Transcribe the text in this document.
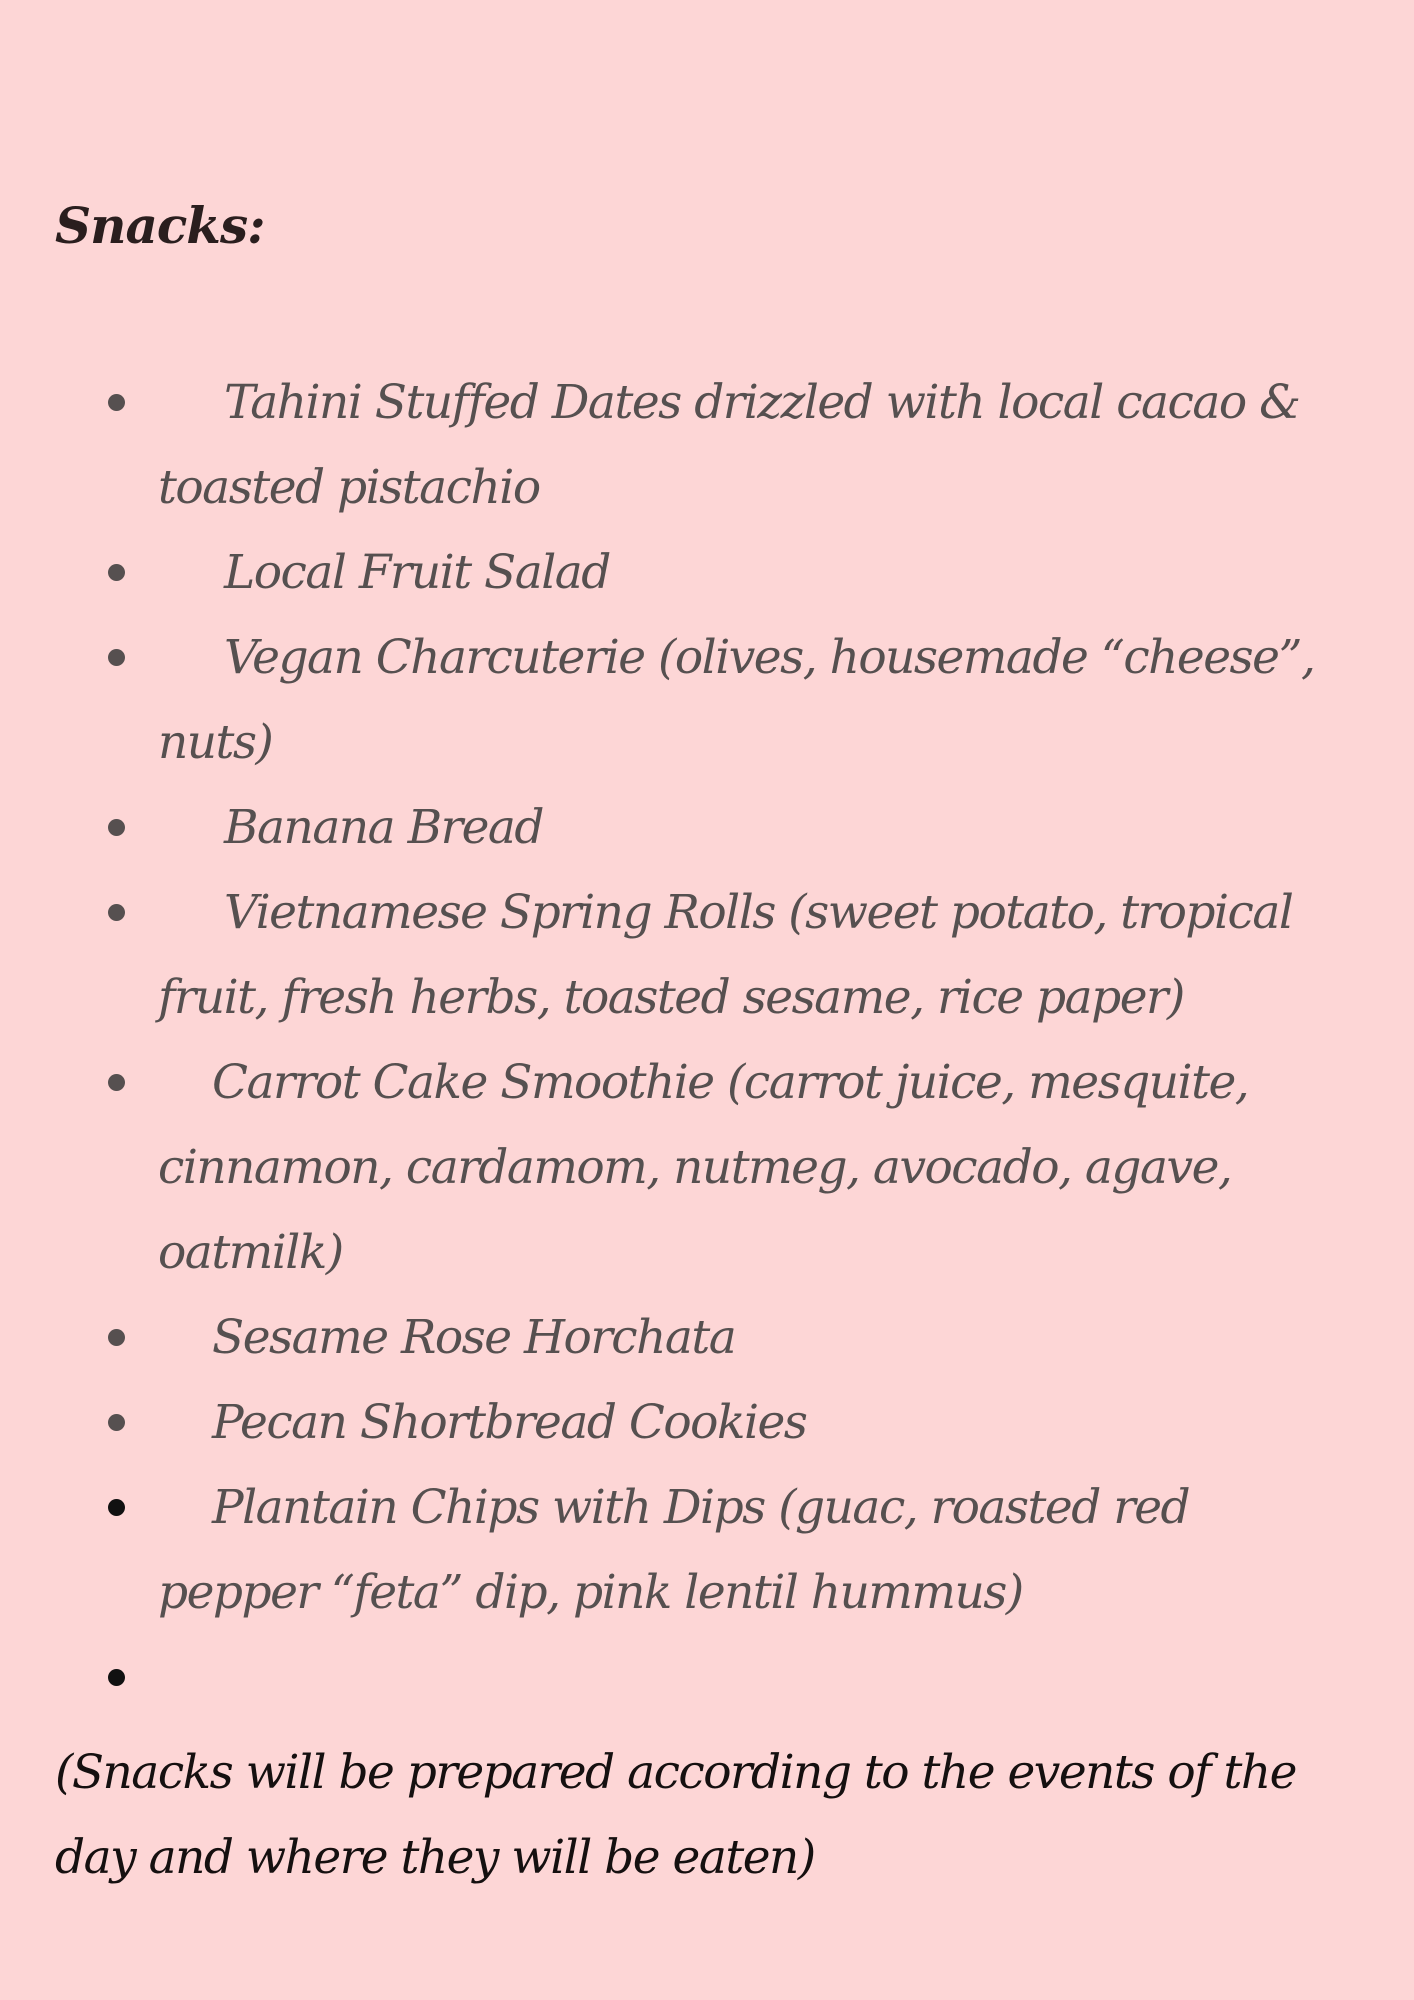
Snacks:
Tahini Stuffed Dates drizzled with local cacao & toasted pistachio
Local Fruit Salad
Vegan Charcuterie (olives, housemade “cheese”, nuts)
Banana Bread
Vietnamese Spring Rolls (sweet potato, tropical fruit, fresh herbs, toasted sesame, rice paper)
Carrot Cake Smoothie (carrot juice, mesquite, cinnamon, cardamom, nutmeg, avocado, agave, oatmilk)
Sesame Rose Horchata
Pecan Shortbread Cookies
Plantain Chips with Dips (guac, roasted red pepper “feta” dip, pink lentil hummus)

(Snacks will be prepared according to the events of the day and where they will be eaten)
